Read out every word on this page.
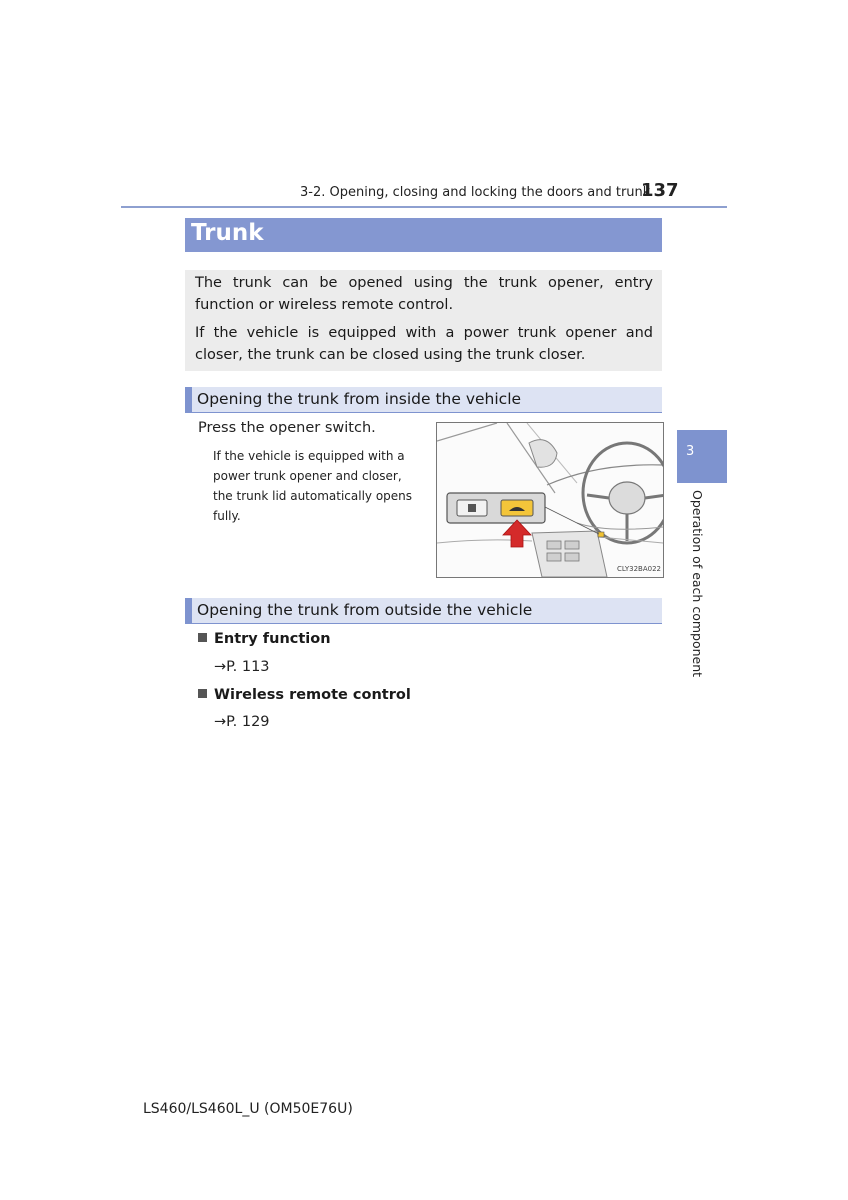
3-2. Opening, closing and locking the doors and trunk
137
Trunk
The trunk can be opened using the trunk opener, entry function or wireless remote control.
If the vehicle is equipped with a power trunk opener and closer, the trunk can be closed using the trunk closer.
Opening the trunk from inside the vehicle
Press the opener switch.
If the vehicle is equipped with a power trunk opener and closer, the trunk lid automatically opens fully.
CLY32BA022
Opening the trunk from outside the vehicle
Entry function
→P. 113
Wireless remote control
→P. 129
3
Operation of each component
LS460/LS460L_U (OM50E76U)
